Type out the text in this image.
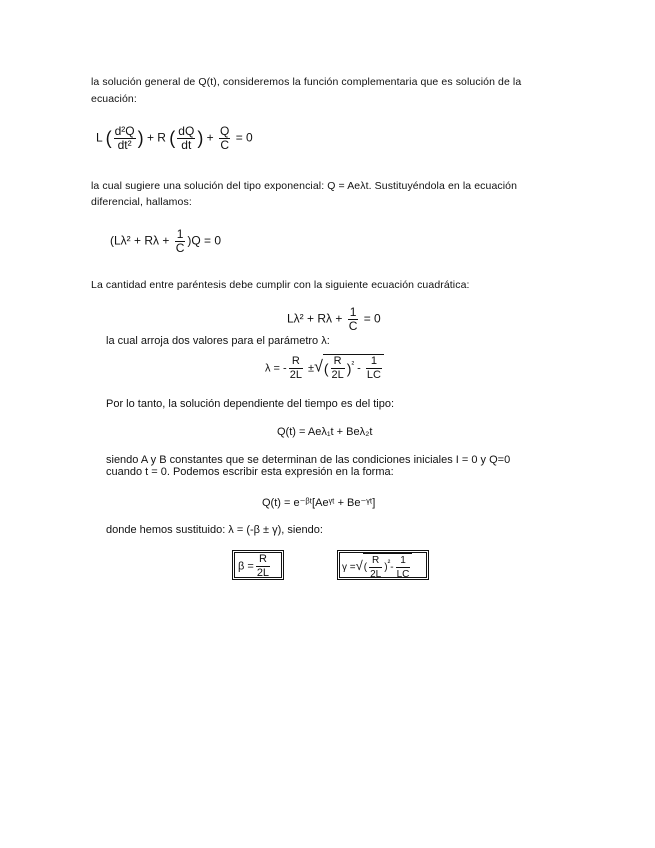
la solución general de Q(t), consideremos la función complementaria que es solución de la
ecuación:
L ( $\frac{\text{d²Q}}{\text{dt²}}$ ) + R ( $\frac{dQ}{dt}$ ) + $\frac{Q}{C} = 0$
la cual sugiere una solución del tipo exponencial: Q = Aeλt. Sustituyéndola en la ecuación
diferencial, hallamos:
$(L\lambda^2 + R\lambda + \frac{1}{C} )Q = 0$
La cantidad entre paréntesis debe cumplir con la siguiente ecuación cuadrática:
$L\lambda^2 + R\lambda + \frac{1}{C} = 0$
la cual arroja dos valores para el parámetro λ:
λ = - $\frac{R}{2L}$ ±√( $\frac{R}{2L} )^{^2} - \frac{1}{LC}$
Por lo tanto, la solución dependiente del tiempo es del tipo:
Q(t) = Aeλ₁t + Beλ₂t
siendo A y B constantes que se determinan de las condiciones iniciales I = 0 y Q=0
cuando t = 0. Podemos escribir esta expresión en la forma:
Q(t) = e⁻ᵝᵗ[Aeᵞᵗ + Be⁻ᵞᵗ]
donde hemos sustituido: λ = (-β ± γ), siendo:
$\beta = \frac{R}{2L}$	γ =√( $\frac{R}{2L} )^{^2}- \frac{1}{LC}$
